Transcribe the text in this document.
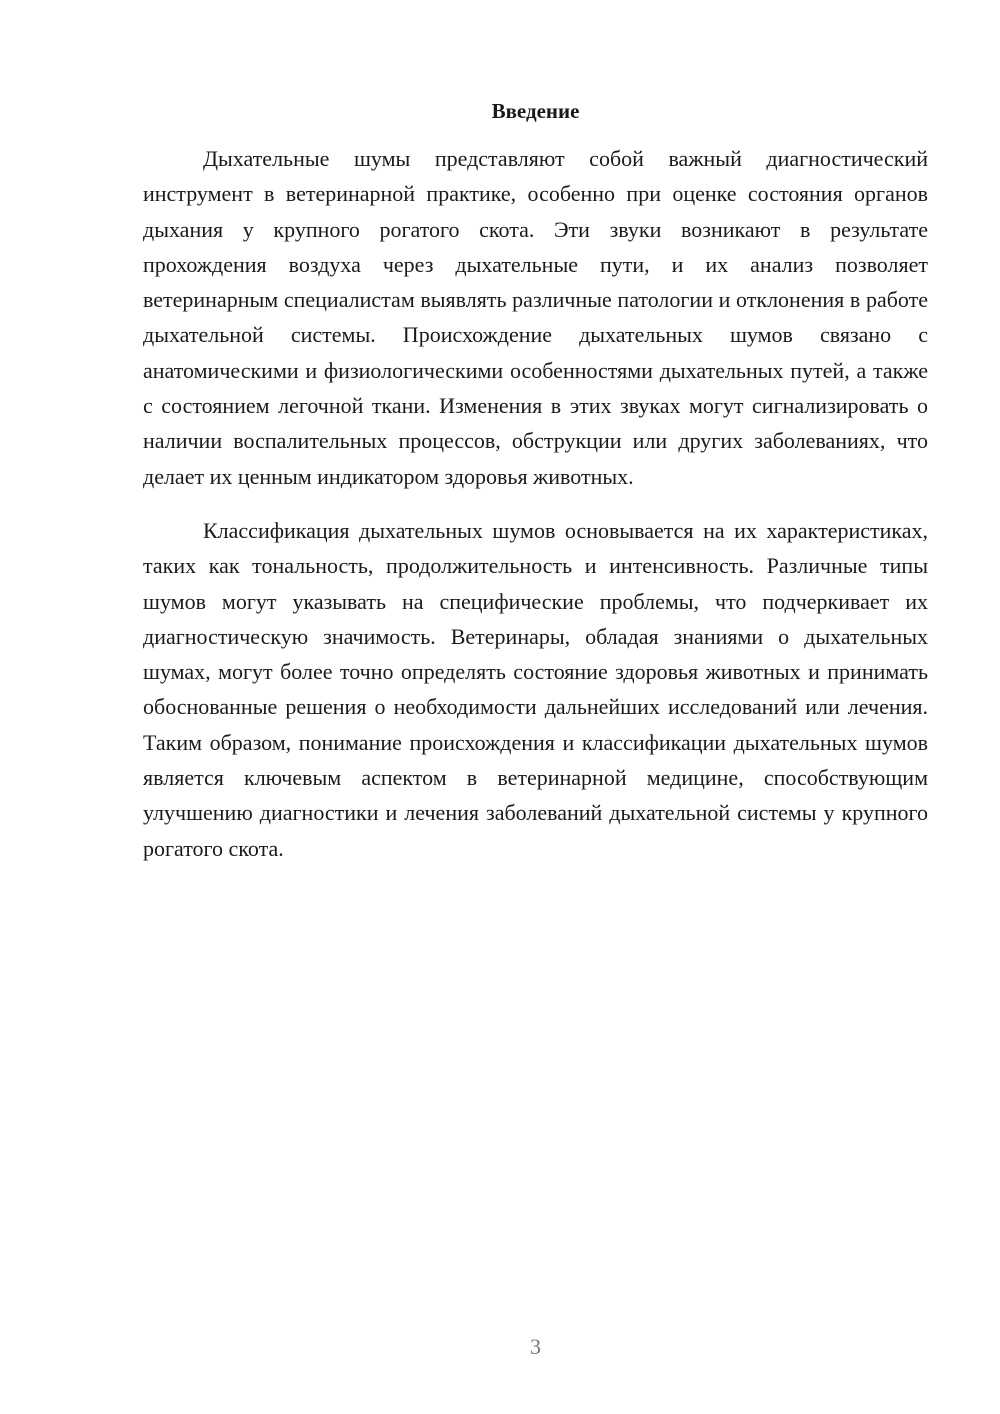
Введение

Дыхательные шумы представляют собой важный диагностический инструмент в ветеринарной практике, особенно при оценке состояния органов дыхания у крупного рогатого скота. Эти звуки возникают в результате прохождения воздуха через дыхательные пути, и их анализ позволяет ветеринарным специалистам выявлять различные патологии и отклонения в работе дыхательной системы. Происхождение дыхательных шумов связано с анатомическими и физиологическими особенностями дыхательных путей, а также с состоянием легочной ткани. Изменения в этих звуках могут сигнализировать о наличии воспалительных процессов, обструкции или других заболеваниях, что делает их ценным индикатором здоровья животных.

Классификация дыхательных шумов основывается на их характеристиках, таких как тональность, продолжительность и интенсивность. Различные типы шумов могут указывать на специфические проблемы, что подчеркивает их диагностическую значимость. Ветеринары, обладая знаниями о дыхательных шумах, могут более точно определять состояние здоровья животных и принимать обоснованные решения о необходимости дальнейших исследований или лечения. Таким образом, понимание происхождения и классификации дыхательных шумов является ключевым аспектом в ветеринарной медицине, способствующим улучшению диагностики и лечения заболеваний дыхательной системы у крупного рогатого скота.

3
